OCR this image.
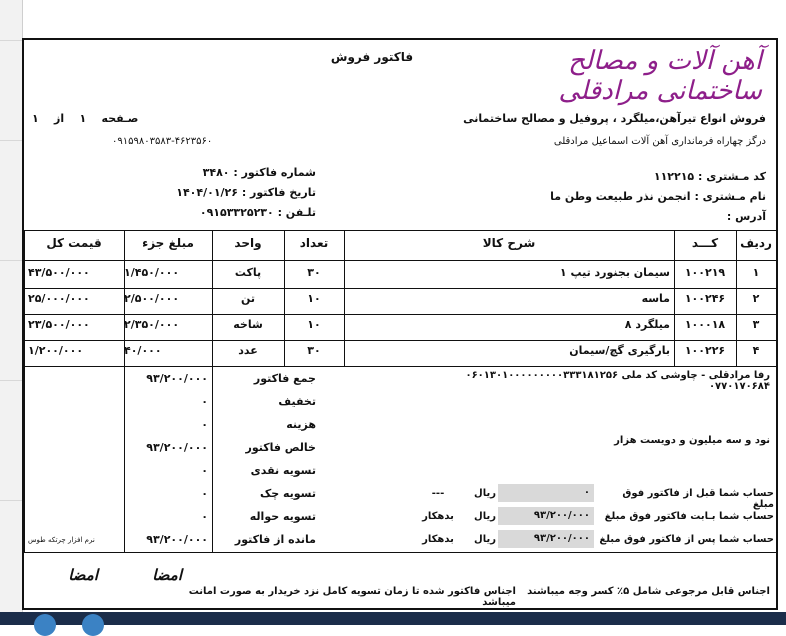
آهن آلات و مصالح ساختمانی مرادقلی
فاکتور فروش
فروش انواع تیرآهن،میلگرد ، پروفیل و مصالح ساختمانی
درگز چهاراه فرمانداری آهن آلات اسماعیل مرادقلی
صـفحه    ۱    از    ۱
۰۹۱۵۹۸۰۳۵۸۳-۴۶۲۳۵۶۰
کد مـشتری : ۱۱۲۲۱۵
نام مـشتری : انجمن نذر طبیعت وطن ما
آدرس :
شماره فاکتور : ۳۴۸۰
تاریخ فاکتور : ۱۴۰۴/۰۱/۲۶
تلـفن : ۰۹۱۵۳۳۲۵۲۳۰
ردیف
کـــد
شرح کالا
تعداد
واحد
مبلغ جزء
قیمت کل
۱
۱۰۰۲۱۹
سیمان بجنورد تیپ ۱
۳۰
پاکت
۱/۴۵۰/۰۰۰
۴۳/۵۰۰/۰۰۰
۲
۱۰۰۲۴۶
ماسه
۱۰
تن
۲/۵۰۰/۰۰۰
۲۵/۰۰۰/۰۰۰
۳
۱۰۰۰۱۸
میلگرد ۸
۱۰
شاخه
۲/۳۵۰/۰۰۰
۲۳/۵۰۰/۰۰۰
۴
۱۰۰۲۲۶
بارگیری گچ/سیمان
۳۰
عدد
۴۰/۰۰۰
۱/۲۰۰/۰۰۰
جمع فاکتور
۹۳/۲۰۰/۰۰۰
تخفیف
۰
هزینه
۰
خالص فاکتور
۹۳/۲۰۰/۰۰۰
تسویه نقدی
۰
تسویه چک
۰
تسویه حواله
۰
مانده از فاکتور
۹۳/۲۰۰/۰۰۰
۰۶۰۱۳۰۱۰۰۰۰۰۰۰۰۰۳۳۳۱۸۱۲۵۶ رفا مرادقلی - چاوشی کد ملی ۰۷۷۰۱۷۰۶۸۴
نود و سه میلیون و دویست هزار
نرم افزار چرتکه طوس
حساب شما قبل از فاکتور فوق مبلغ
۰
ریال
---
حساب شما بـابت فاکتور فوق مبلغ
۹۳/۲۰۰/۰۰۰
ریال
بدهکار
حساب شما پس از فاکتور فوق مبلغ
۹۳/۲۰۰/۰۰۰
ریال
بدهکار
امضا	امضا
اجناس قابل مرجوعی شامل ۵٪ کسر وجه میباشند
اجناس فاکتور شده تا زمان تسویه کامل نزد خریدار به صورت امانت میباشد
